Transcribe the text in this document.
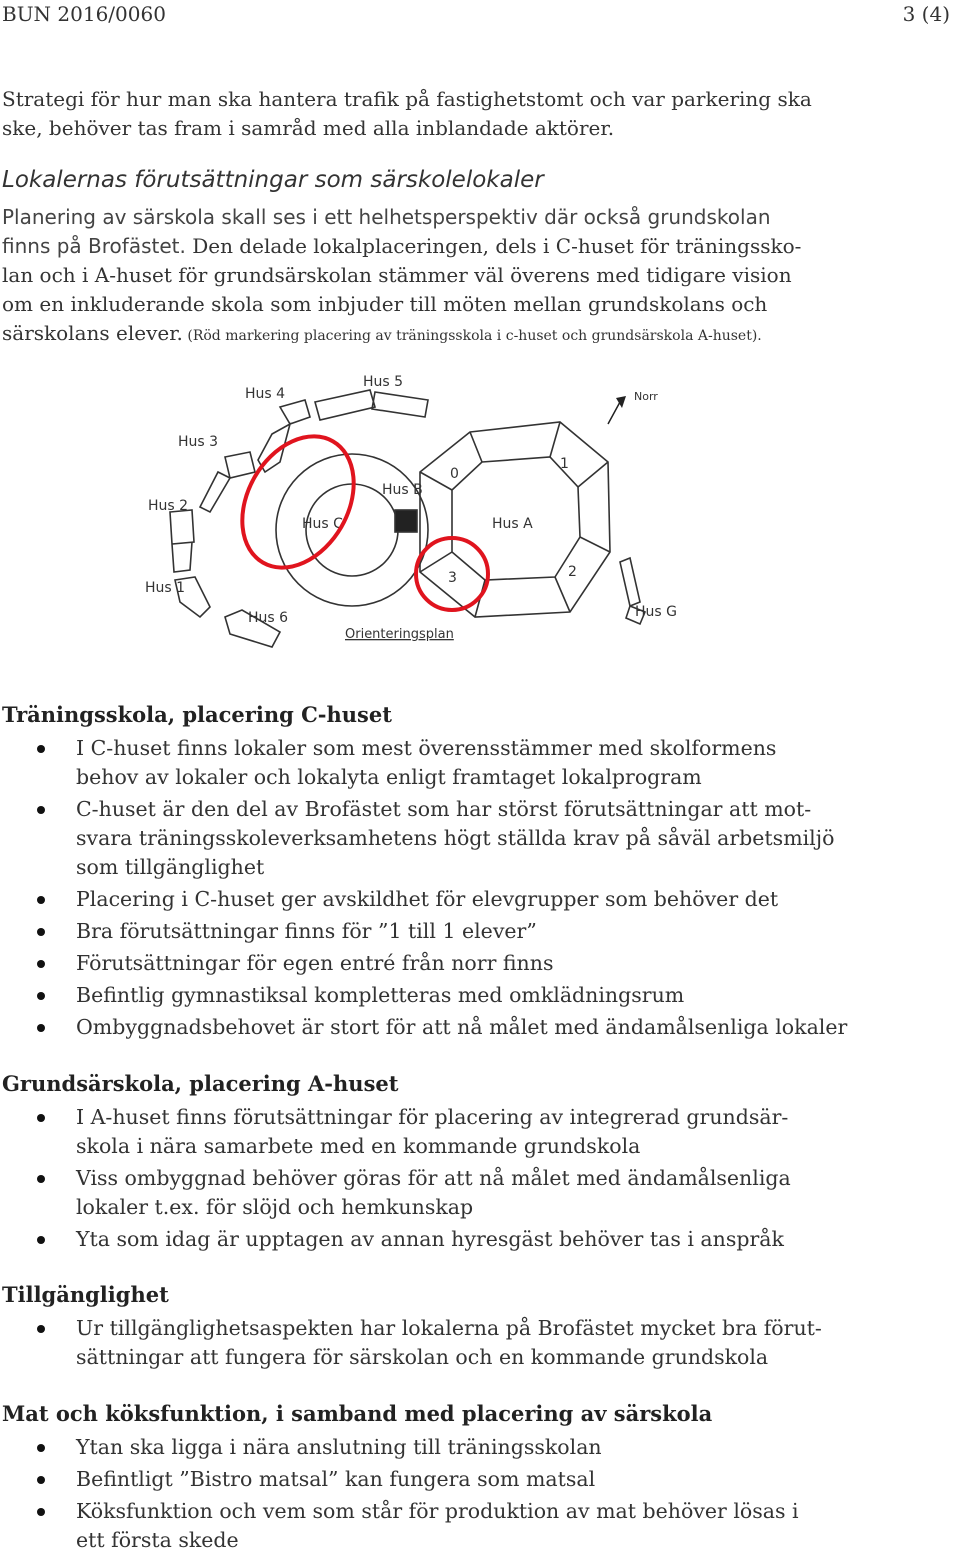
BUN 2016/0060	3 (4)
Strategi för hur man ska hantera trafik på fastighetstomt och var parkering ska
ske, behöver tas fram i samråd med alla inblandade aktörer.
Lokalernas förutsättningar som särskolelokaler
Planering av särskola skall ses i ett helhetsperspektiv där också grundskolan
finns på Brofästet. Den delade lokalplaceringen, dels i C-huset för träningssko-
lan och i A-huset för grundsärskolan stämmer väl överens med tidigare vision
om en inkluderande skola som inbjuder till möten mellan grundskolans och
särskolans elever. (Röd markering placering av träningsskola i c-huset och grundsärskola A-huset).
Norr
Hus 4
Hus 5
Hus 3
Hus 2
Hus 1
Hus 6
Hus B
Hus C	Hus A
Hus G
0
1
2
3
Orienteringsplan
Träningsskola, placering C-huset
I C-huset finns lokaler som mest överensstämmer med skolformens
behov av lokaler och lokalyta enligt framtaget lokalprogram
C-huset är den del av Brofästet som har störst förutsättningar att mot-
svara träningsskoleverksamhetens högt ställda krav på såväl arbetsmiljö
som tillgänglighet
Placering i C-huset ger avskildhet för elevgrupper som behöver det
Bra förutsättningar finns för ”1 till 1 elever”
Förutsättningar för egen entré från norr finns
Befintlig gymnastiksal kompletteras med omklädningsrum
Ombyggnadsbehovet är stort för att nå målet med ändamålsenliga lokaler
Grundsärskola, placering A-huset
I A-huset finns förutsättningar för placering av integrerad grundsär-
skola i nära samarbete med en kommande grundskola
Viss ombyggnad behöver göras för att nå målet med ändamålsenliga
lokaler t.ex. för slöjd och hemkunskap
Yta som idag är upptagen av annan hyresgäst behöver tas i anspråk
Tillgänglighet
Ur tillgänglighetsaspekten har lokalerna på Brofästet mycket bra förut-
sättningar att fungera för särskolan och en kommande grundskola
Mat och köksfunktion, i samband med placering av särskola
Ytan ska ligga i nära anslutning till träningsskolan
Befintligt ”Bistro matsal” kan fungera som matsal
Köksfunktion och vem som står för produktion av mat behöver lösas i
ett första skede
